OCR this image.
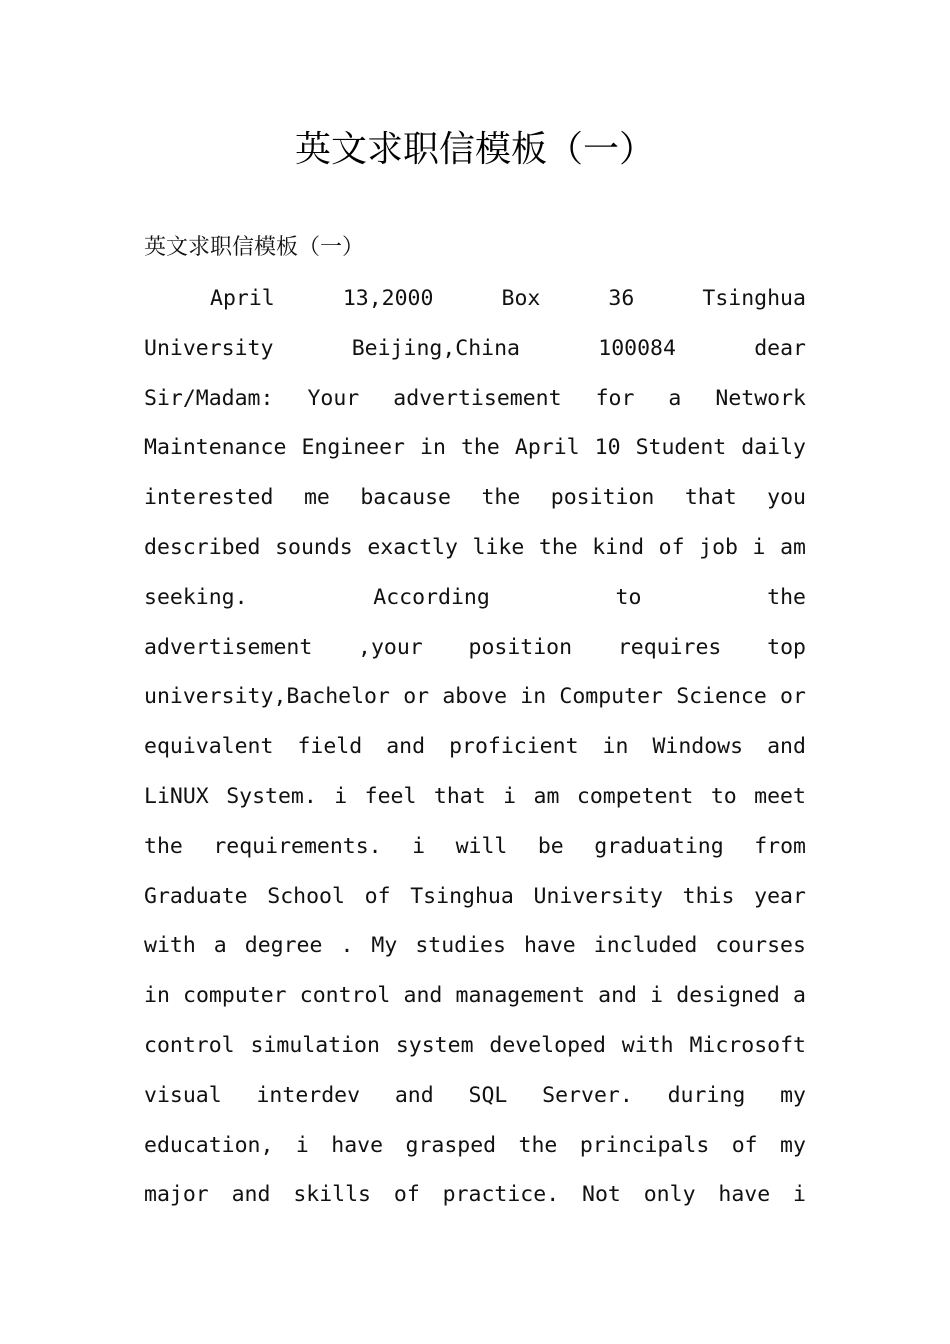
英文求职信模板（一）

英文求职信模板（一）

April	13,2000	Box	36	Tsinghua
University	Beijing,China	100084	dear
Sir/Madam: Your advertisement for a Network
Maintenance Engineer in the April 10 Student daily
interested me bacause the position that you
described sounds exactly like the kind of job i am
seeking.	According	to	the
advertisement ,your position requires top
university,Bachelor or above in Computer Science or
equivalent field and proficient in Windows and
LiNUX System. i feel that i am competent to meet
the requirements. i will be graduating from
Graduate School of Tsinghua University this year
with a degree . My studies have included courses
in computer control and management and i designed a
control simulation system developed with Microsoft
visual interdev and SQL Server. during my
education, i have grasped the principals of my
major and skills of practice. Not only have i
